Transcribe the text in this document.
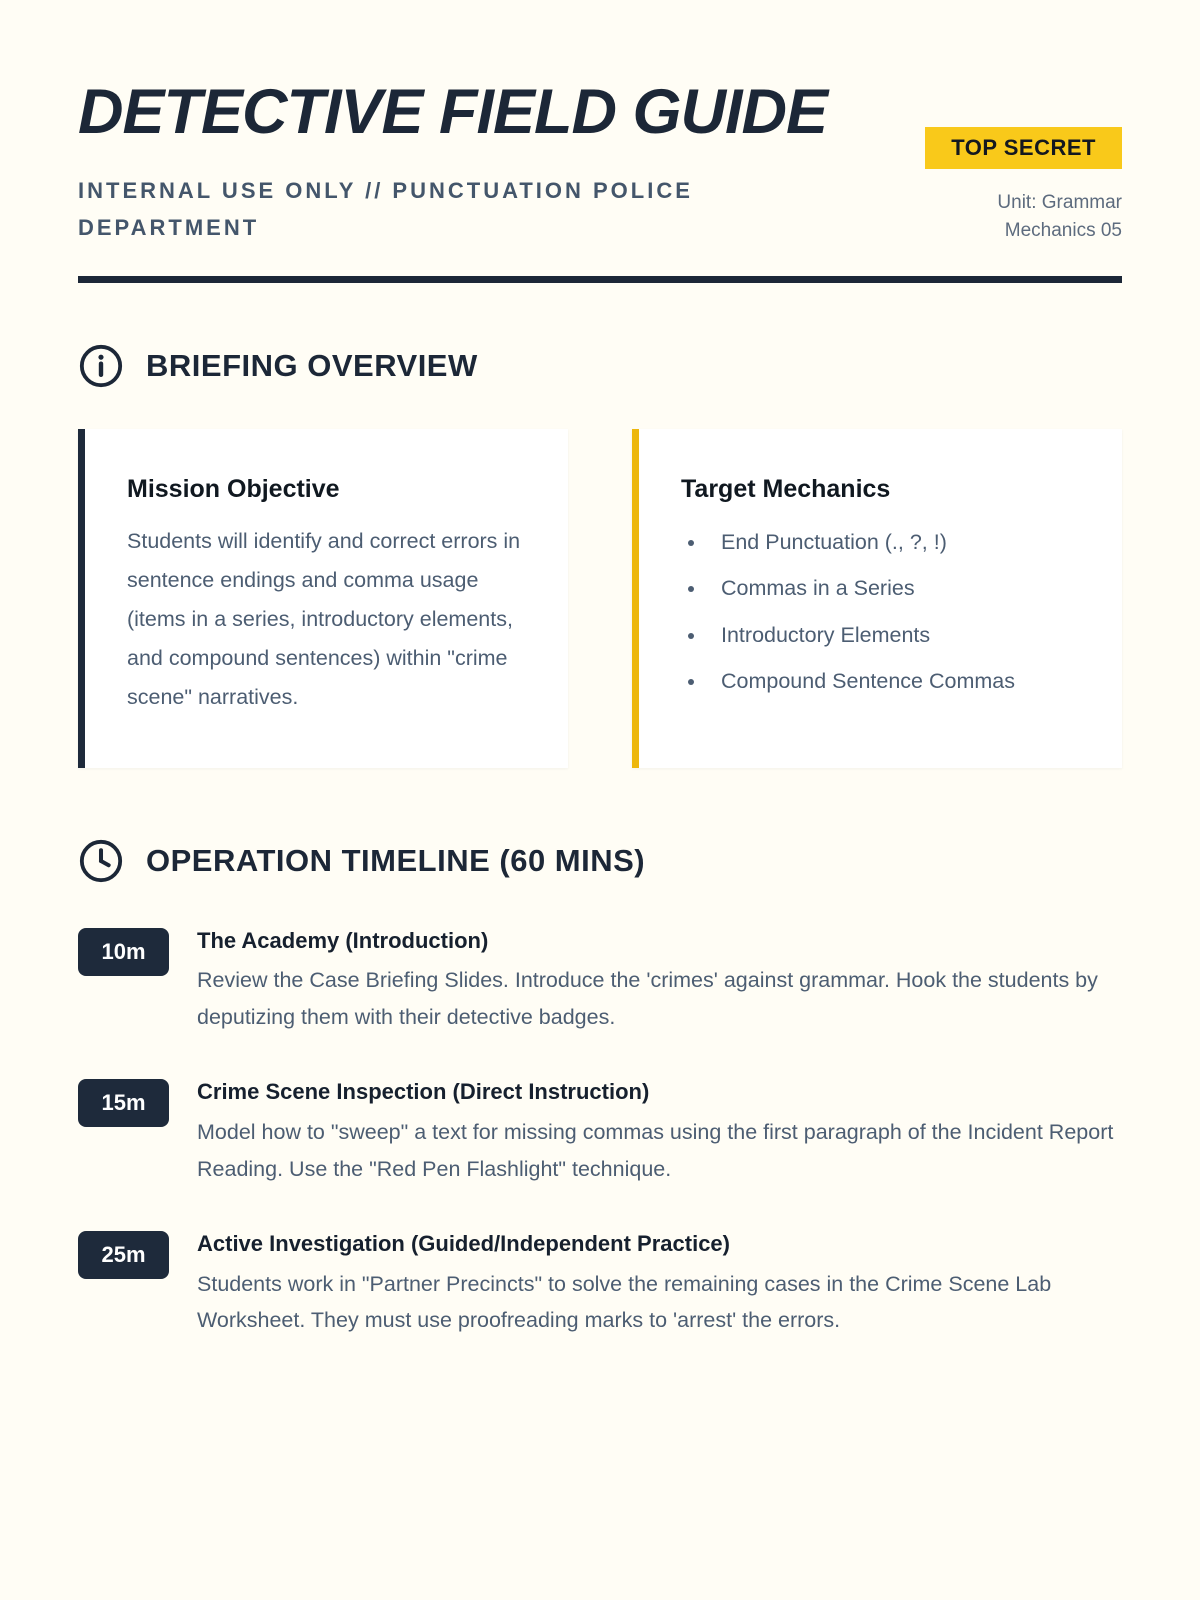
DETECTIVE FIELD GUIDE
INTERNAL USE ONLY // PUNCTUATION POLICE DEPARTMENT
TOP SECRET
Unit: Grammar Mechanics 05
BRIEFING OVERVIEW
Mission Objective

Students will identify and correct errors in sentence endings and comma usage (items in a series, introductory elements, and compound sentences) within "crime scene" narratives.

Target Mechanics
• End Punctuation (., ?, !)
• Commas in a Series
• Introductory Elements
• Compound Sentence Commas
OPERATION TIMELINE (60 MINS)
10m	The Academy (Introduction)

Review the Case Briefing Slides. Introduce the 'crimes' against grammar. Hook the students by deputizing them with their detective badges.

15m	Crime Scene Inspection (Direct Instruction)

Model how to "sweep" a text for missing commas using the first paragraph of the Incident Report Reading. Use the "Red Pen Flashlight" technique.

25m	Active Investigation (Guided/Independent Practice)

Students work in "Partner Precincts" to solve the remaining cases in the Crime Scene Lab Worksheet. They must use proofreading marks to 'arrest' the errors.
